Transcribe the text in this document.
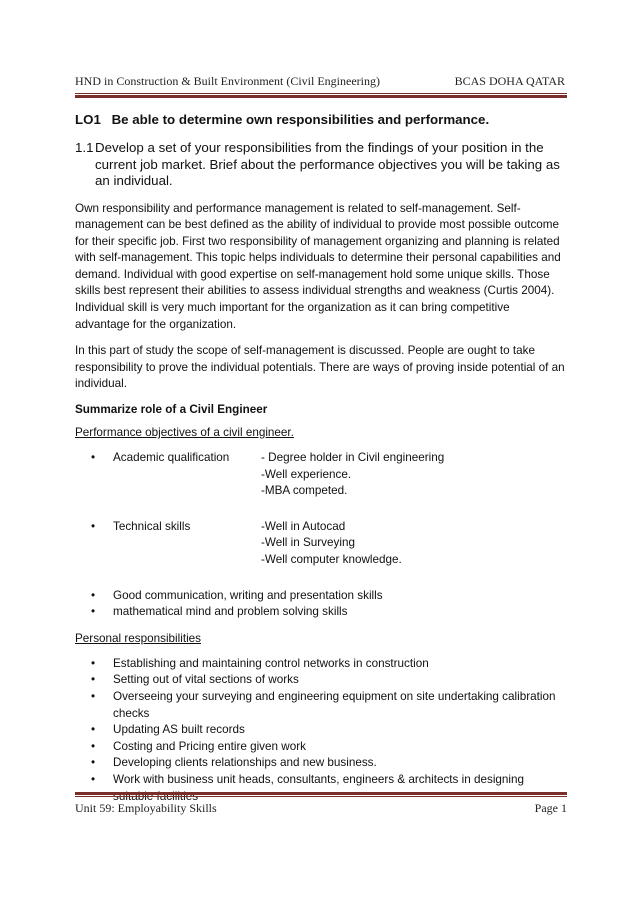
HND in Construction & Built Environment (Civil Engineering)	BCAS DOHA QATAR
LO1 Be able to determine own responsibilities and performance.
1.1 Develop a set of your responsibilities from the findings of your position in the current job market. Brief about the performance objectives you will be taking as an individual.

Own responsibility and performance management is related to self-management. Self-management can be best defined as the ability of individual to provide most possible outcome for their specific job. First two responsibility of management organizing and planning is related with self-management. This topic helps individuals to determine their personal capabilities and demand. Individual with good expertise on self-management hold some unique skills. Those skills best represent their abilities to assess individual strengths and weakness (Curtis 2004). Individual skill is very much important for the organization as it can bring competitive advantage for the organization.

In this part of study the scope of self-management is discussed. People are ought to take responsibility to prove the individual potentials. There are ways of proving inside potential of an individual.

Summarize role of a Civil Engineer
Performance objectives of a civil engineer.
•	Academic qualification	- Degree holder in Civil engineering
-Well experience.
-MBA competed.
•	Technical skills	-Well in Autocad
-Well in Surveying
-Well computer knowledge.
•	Good communication, writing and presentation skills
•	mathematical mind and problem solving skills
Personal responsibilities
•	Establishing and maintaining control networks in construction
•	Setting out of vital sections of works
•	Overseeing your surveying and engineering equipment on site undertaking calibration checks
•	Updating AS built records
•	Costing and Pricing entire given work
•	Developing clients relationships and new business.
•	Work with business unit heads, consultants, engineers & architects in designing
Unit 59: Employability Skills	Page 1
